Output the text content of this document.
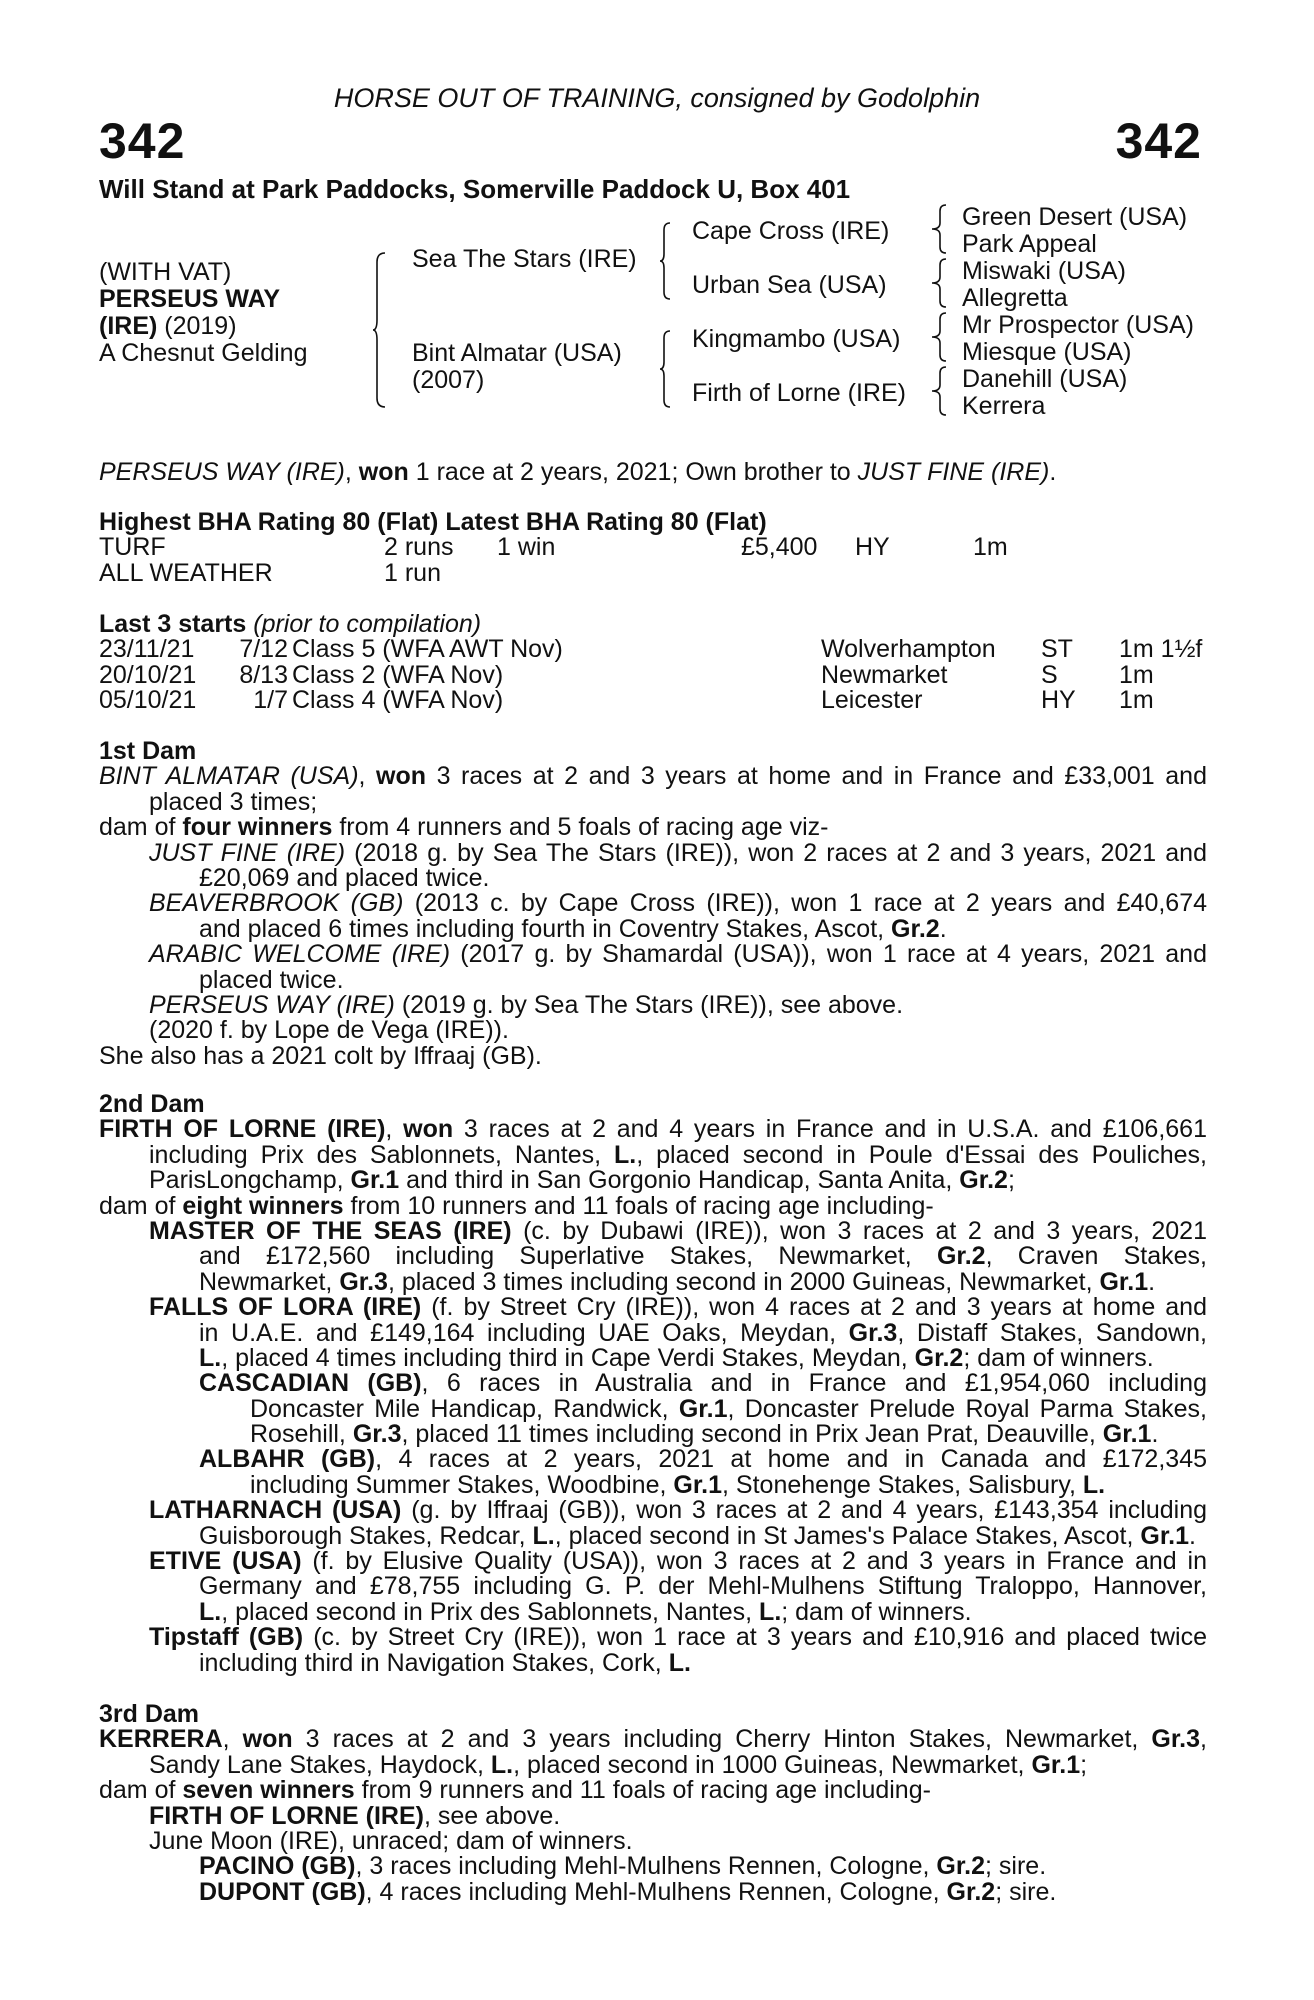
HORSE OUT OF TRAINING, consigned by Godolphin
342	342
Will Stand at Park Paddocks, Somerville Paddock U, Box 401
(WITH VAT)
PERSEUS WAY
(IRE) (2019)
A Chesnut Gelding
Sea The Stars (IRE)
Bint Almatar (USA)
(2007)
Cape Cross (IRE)
Urban Sea (USA)
Kingmambo (USA)
Firth of Lorne (IRE)
Green Desert (USA)
Park Appeal
Miswaki (USA)
Allegretta
Mr Prospector (USA)
Miesque (USA)
Danehill (USA)
Kerrera
PERSEUS WAY (IRE), won 1 race at 2 years, 2021; Own brother to JUST FINE (IRE).
Highest BHA Rating 80 (Flat) Latest BHA Rating 80 (Flat)
TURF	2 runs 1 win	£5,400 HY	1m
ALL WEATHER	1 run
Last 3 starts (prior to compilation)
23/11/21	7/12 Class 5 (WFA AWT Nov)	Wolverhampton ST 1m 1½f
20/10/21	8/13 Class 2 (WFA Nov)	Newmarket	S 1m
05/10/21	1/7 Class 4 (WFA Nov)	Leicester	HY 1m
1st Dam
BINT ALMATAR (USA), won 3 races at 2 and 3 years at home and in France and £33,001 and
placed 3 times;
dam of four winners from 4 runners and 5 foals of racing age viz-
JUST FINE (IRE) (2018 g. by Sea The Stars (IRE)), won 2 races at 2 and 3 years, 2021 and
£20,069 and placed twice.
BEAVERBROOK (GB) (2013 c. by Cape Cross (IRE)), won 1 race at 2 years and £40,674
and placed 6 times including fourth in Coventry Stakes, Ascot, Gr.2.
ARABIC WELCOME (IRE) (2017 g. by Shamardal (USA)), won 1 race at 4 years, 2021 and
placed twice.
PERSEUS WAY (IRE) (2019 g. by Sea The Stars (IRE)), see above.
(2020 f. by Lope de Vega (IRE)).
She also has a 2021 colt by Iffraaj (GB).
2nd Dam
FIRTH OF LORNE (IRE), won 3 races at 2 and 4 years in France and in U.S.A. and £106,661
including Prix des Sablonnets, Nantes, L., placed second in Poule d'Essai des Pouliches,
ParisLongchamp, Gr.1 and third in San Gorgonio Handicap, Santa Anita, Gr.2;
dam of eight winners from 10 runners and 11 foals of racing age including-
MASTER OF THE SEAS (IRE) (c. by Dubawi (IRE)), won 3 races at 2 and 3 years, 2021
and £172,560 including Superlative Stakes, Newmarket, Gr.2, Craven Stakes,
Newmarket, Gr.3, placed 3 times including second in 2000 Guineas, Newmarket, Gr.1.
FALLS OF LORA (IRE) (f. by Street Cry (IRE)), won 4 races at 2 and 3 years at home and
in U.A.E. and £149,164 including UAE Oaks, Meydan, Gr.3, Distaff Stakes, Sandown,
L., placed 4 times including third in Cape Verdi Stakes, Meydan, Gr.2; dam of winners.
CASCADIAN (GB), 6 races in Australia and in France and £1,954,060 including
Doncaster Mile Handicap, Randwick, Gr.1, Doncaster Prelude Royal Parma Stakes,
Rosehill, Gr.3, placed 11 times including second in Prix Jean Prat, Deauville, Gr.1.
ALBAHR (GB), 4 races at 2 years, 2021 at home and in Canada and £172,345
including Summer Stakes, Woodbine, Gr.1, Stonehenge Stakes, Salisbury, L.
LATHARNACH (USA) (g. by Iffraaj (GB)), won 3 races at 2 and 4 years, £143,354 including
Guisborough Stakes, Redcar, L., placed second in St James's Palace Stakes, Ascot, Gr.1.
ETIVE (USA) (f. by Elusive Quality (USA)), won 3 races at 2 and 3 years in France and in
Germany and £78,755 including G. P. der Mehl-Mulhens Stiftung Traloppo, Hannover,
L., placed second in Prix des Sablonnets, Nantes, L.; dam of winners.
Tipstaff (GB) (c. by Street Cry (IRE)), won 1 race at 3 years and £10,916 and placed twice
including third in Navigation Stakes, Cork, L.
3rd Dam
KERRERA, won 3 races at 2 and 3 years including Cherry Hinton Stakes, Newmarket, Gr.3,
Sandy Lane Stakes, Haydock, L., placed second in 1000 Guineas, Newmarket, Gr.1;
dam of seven winners from 9 runners and 11 foals of racing age including-
FIRTH OF LORNE (IRE), see above.
June Moon (IRE), unraced; dam of winners.
PACINO (GB), 3 races including Mehl-Mulhens Rennen, Cologne, Gr.2; sire.
DUPONT (GB), 4 races including Mehl-Mulhens Rennen, Cologne, Gr.2; sire.
